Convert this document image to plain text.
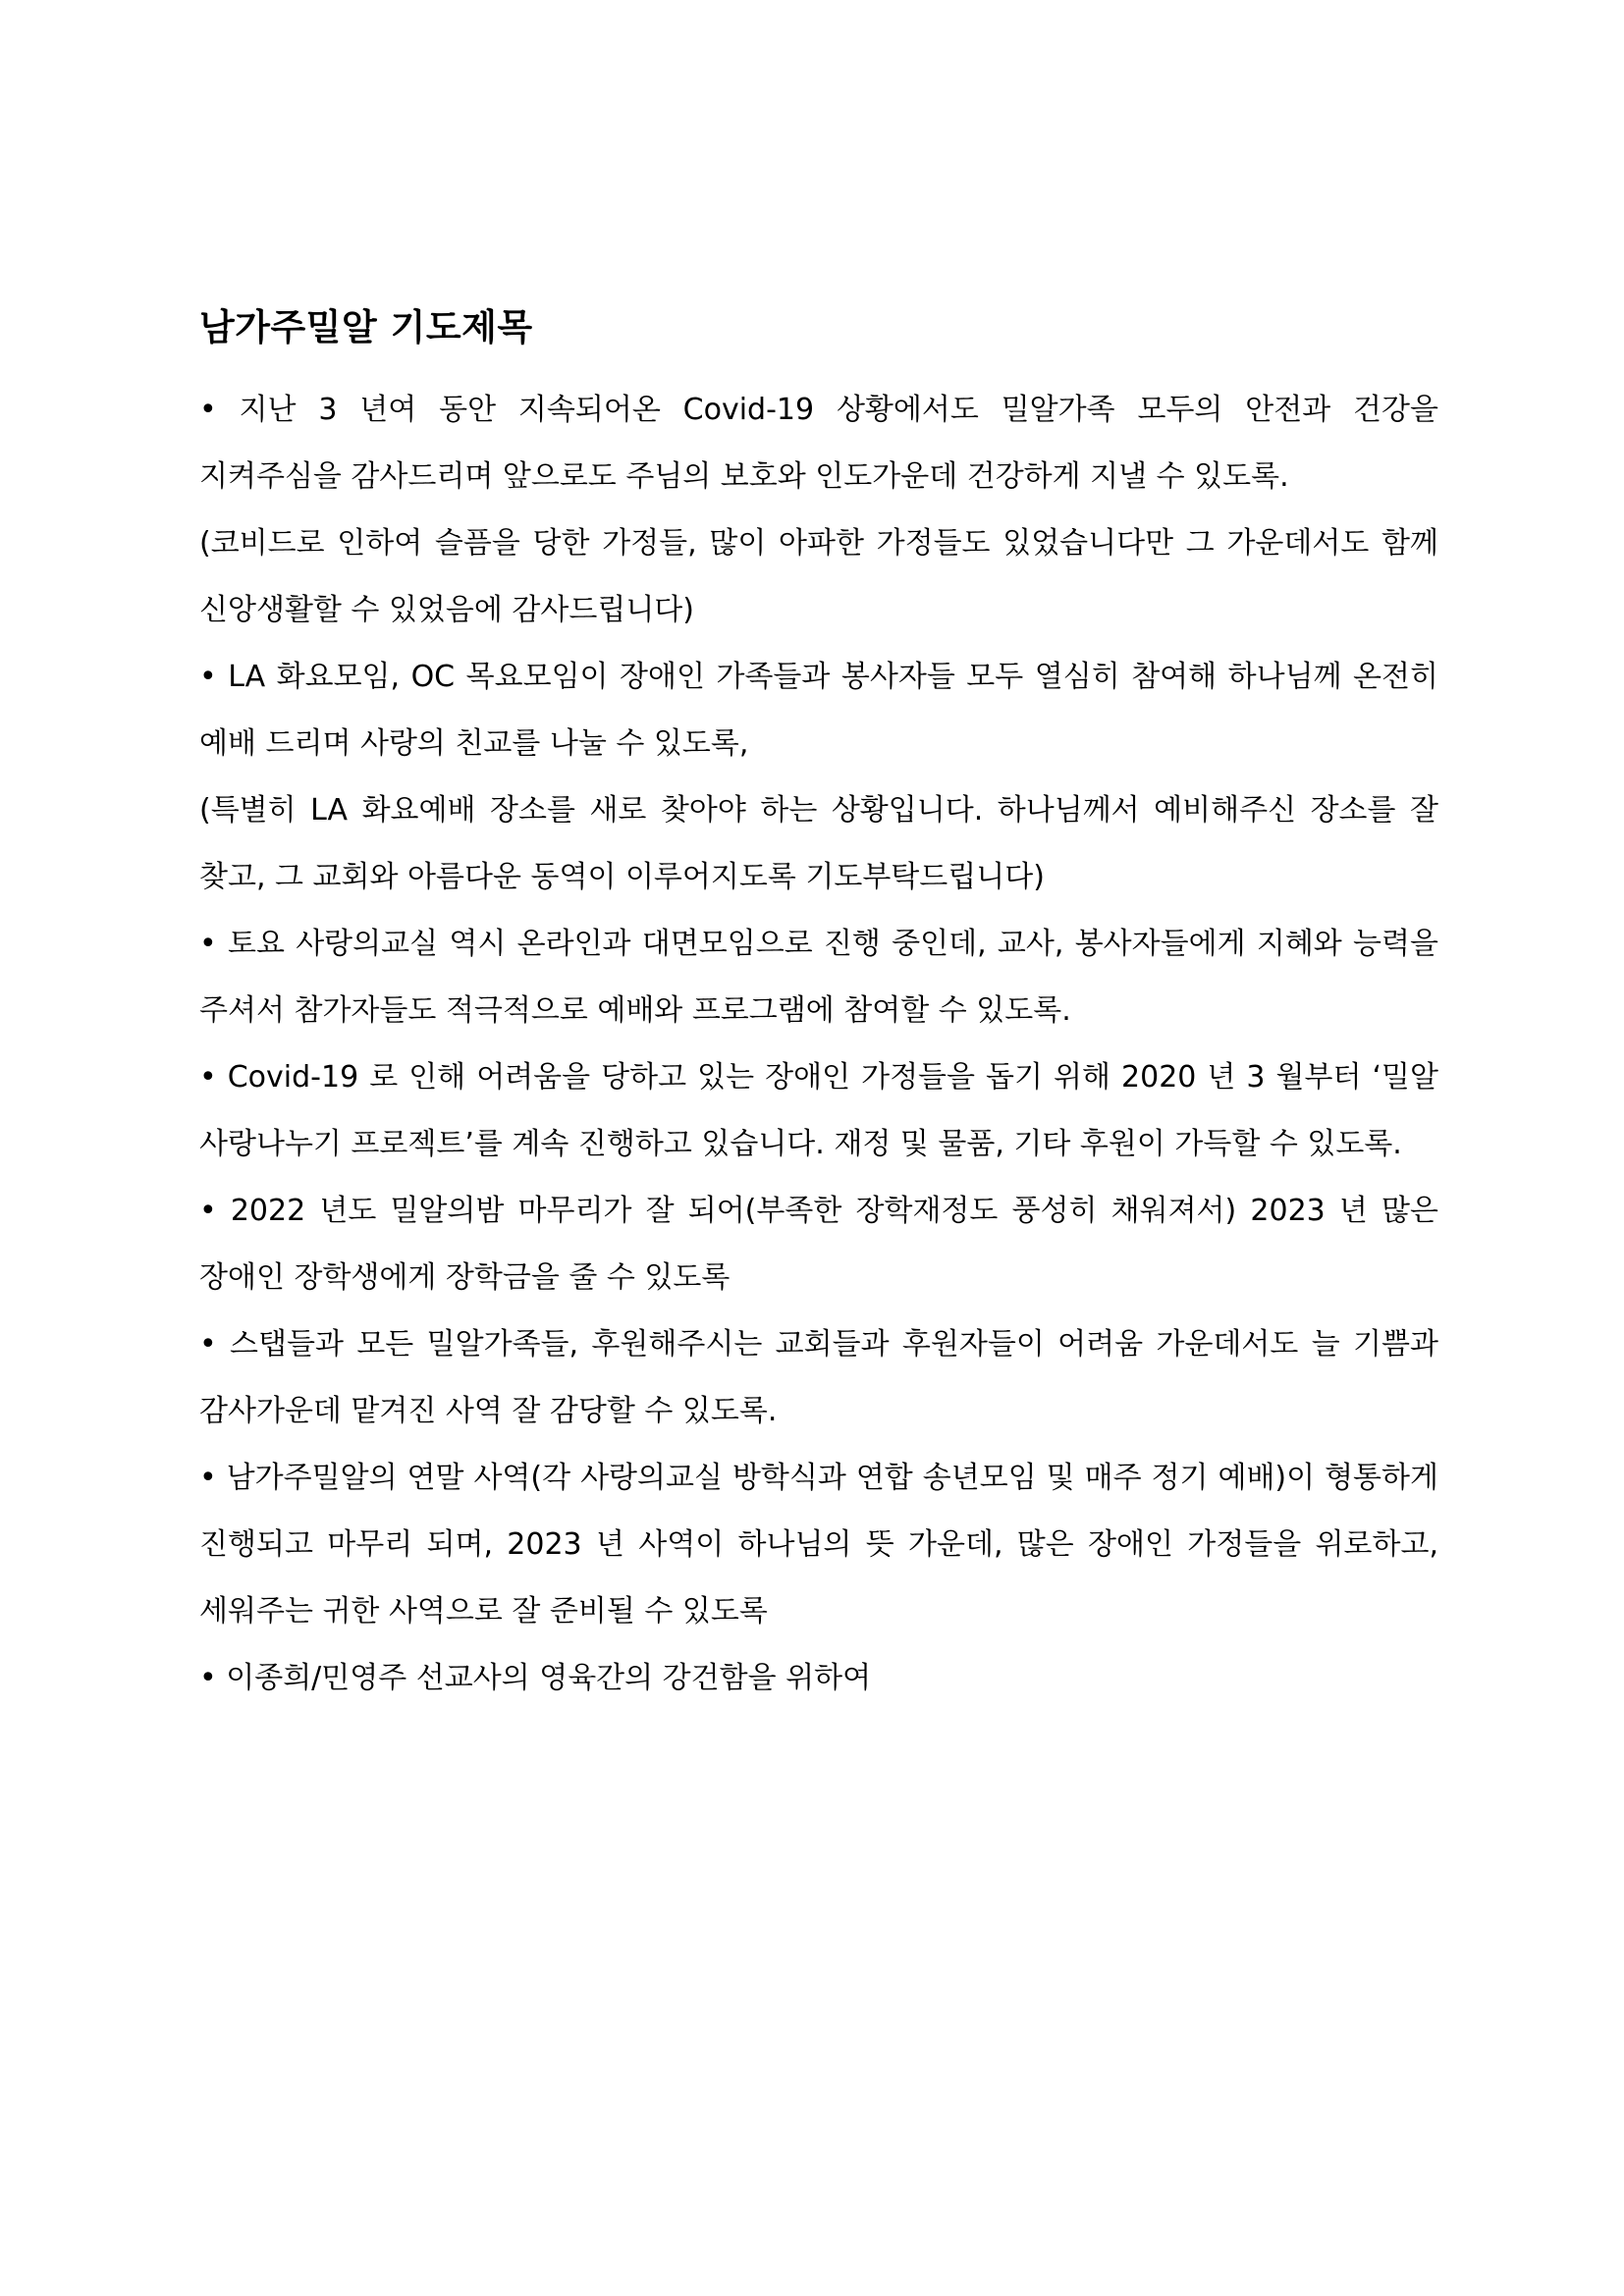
남가주밀알 기도제목

• 지난 3 년여 동안 지속되어온 Covid-19 상황에서도 밀알가족 모두의 안전과 건강을 지켜주심을 감사드리며 앞으로도 주님의 보호와 인도가운데 건강하게 지낼 수 있도록.

(코비드로 인하여 슬픔을 당한 가정들, 많이 아파한 가정들도 있었습니다만 그 가운데서도 함께 신앙생활할 수 있었음에 감사드립니다)

• LA 화요모임, OC 목요모임이 장애인 가족들과 봉사자들 모두 열심히 참여해 하나님께 온전히 예배 드리며 사랑의 친교를 나눌 수 있도록,

(특별히 LA 화요예배 장소를 새로 찾아야 하는 상황입니다. 하나님께서 예비해주신 장소를 잘 찾고, 그 교회와 아름다운 동역이 이루어지도록 기도부탁드립니다)

• 토요 사랑의교실 역시 온라인과 대면모임으로 진행 중인데, 교사, 봉사자들에게 지혜와 능력을 주셔서 참가자들도 적극적으로 예배와 프로그램에 참여할 수 있도록.

• Covid-19 로 인해 어려움을 당하고 있는 장애인 가정들을 돕기 위해 2020 년 3 월부터 ‘밀알 사랑나누기 프로젝트’를 계속 진행하고 있습니다. 재정 및 물품, 기타 후원이 가득할 수 있도록.

• 2022 년도 밀알의밤 마무리가 잘 되어(부족한 장학재정도 풍성히 채워져서) 2023 년 많은 장애인 장학생에게 장학금을 줄 수 있도록

• 스탭들과 모든 밀알가족들, 후원해주시는 교회들과 후원자들이 어려움 가운데서도 늘 기쁨과 감사가운데 맡겨진 사역 잘 감당할 수 있도록.

• 남가주밀알의 연말 사역(각 사랑의교실 방학식과 연합 송년모임 및 매주 정기 예배)이 형통하게 진행되고 마무리 되며, 2023 년 사역이 하나님의 뜻 가운데, 많은 장애인 가정들을 위로하고, 세워주는 귀한 사역으로 잘 준비될 수 있도록

• 이종희/민영주 선교사의 영육간의 강건함을 위하여
